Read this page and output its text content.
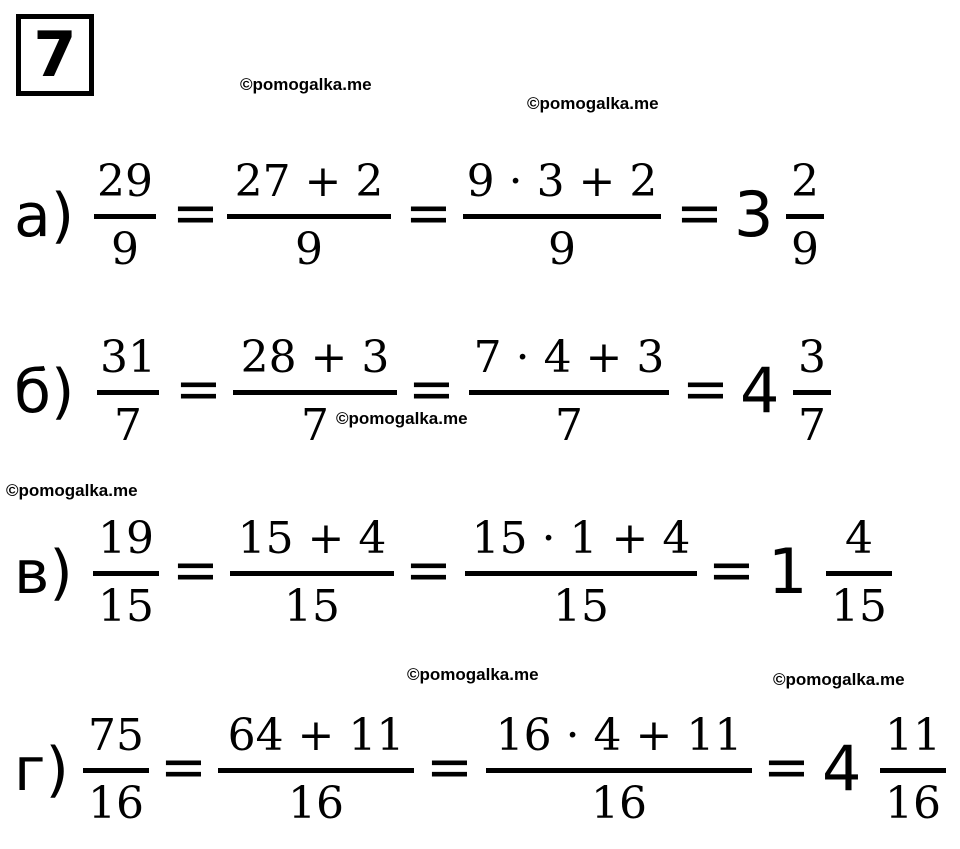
7	©pomogalka.me
©pomogalka.me
©pomogalka.me
©pomogalka.me
©pomogalka.me	©pomogalka.me
а) 29
9
= 27 + 2
9
= 9 · 3 + 2
9
= 3 2
9
б) 31
7
= 28 + 3
7
= 7 · 4 + 3
7
= 4 3
7
в) 19
15
= 15 + 4
15
= 15 · 1 + 4
15
= 1 4
15
г) 75
16
= 64 + 11
16
= 16 · 4 + 11
16
= 4 11
16
